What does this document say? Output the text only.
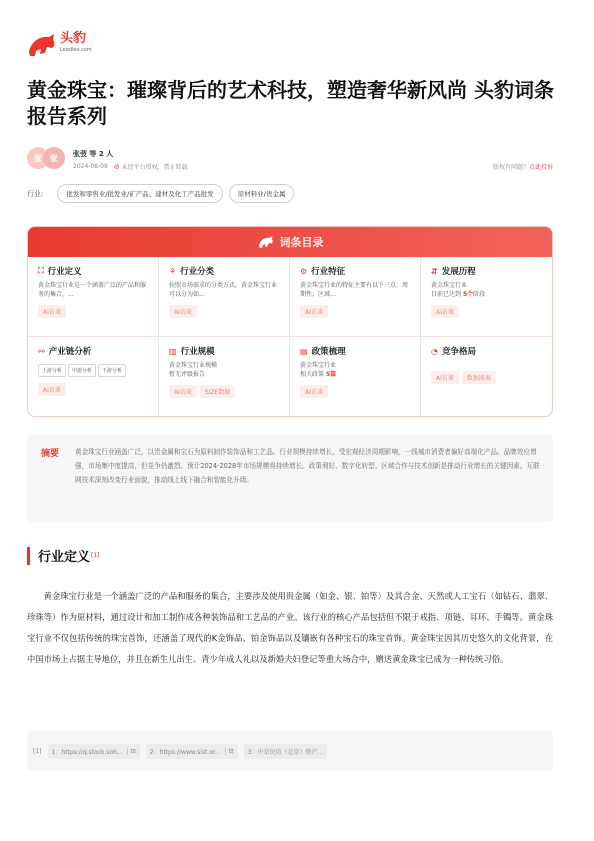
头豹
Leadleo.com
黄金珠宝：璀璨背后的艺术科技，塑造奢华新风尚 头豹词条报告系列
张	张	张弢 等 2 人
2024-08-09 ⊘ 未经平台授权，禁止转载	版权有问题？点此投诉
行业:	批发和零售业/批发业/矿产品、建材及化工产品批发	原材料业/贵金属
词条目录
⛶ 行业定义
黄金珠宝行业是一个涵盖广泛的产品和服务的集合，...
AI访谈
⚘ 行业分类
按照市场需求的分类方式，黄金珠宝行业可以分为如...
AI访谈
⚙ 行业特征
黄金珠宝行业的特征主要有以下三点：周期性；区域...
AI访谈
⇵ 发展历程
黄金珠宝行业
目前已达到 5个阶段
AI访谈
⚯ 产业链分析
上游分析 中游分析 下游分析
AI访谈
▥ 行业规模
黄金珠宝行业规模
暂无评级报告
AI访谈 SIZE数据
▤ 政策梳理
黄金珠宝行业
相关政策 5篇
AI访谈
◔ 竞争格局
AI访谈 数据图表
摘要 黄金珠宝行业涵盖广泛，以贵金属和宝石为原料制作装饰品和工艺品。行业规模持续增长，受宏观经济周期影响，一线城市消费者偏好高端化产品。品牌效应增强，市场集中度提高，但竞争仍激烈。预计2024-2028年市场规模将持续增长。政策利好、数字化转型、区域合作与技术创新是推动行业增长的关键因素。互联网技术深刻改变行业面貌，推动线上线下融合和智能化升级。
行业定义 [1]
黄金珠宝行业是一个涵盖广泛的产品和服务的集合，主要涉及使用贵金属（如金、银、铂等）及其合金、天然或人工宝石（如钻石、翡翠、珍珠等）作为原材料，通过设计和加工制作成各种装饰品和工艺品的产业。该行业的核心产品包括但不限于戒指、项链、耳环、手镯等。黄金珠宝行业不仅包括传统的珠宝首饰，还涵盖了现代的K金饰品、铂金饰品以及镶嵌有各种宝石的珠宝首饰。黄金珠宝因其历史悠久的文化背景，在中国市场上占据主导地位，并且在新生儿出生、青少年成人礼以及新婚夫妇登记等重大场合中，赠送黄金珠宝已成为一种传统习俗。
[1] 1：https://q.stock.soh...	⊡ 2：https://www.sist.or...	⊡ 3：中京民信（北京）资产...
